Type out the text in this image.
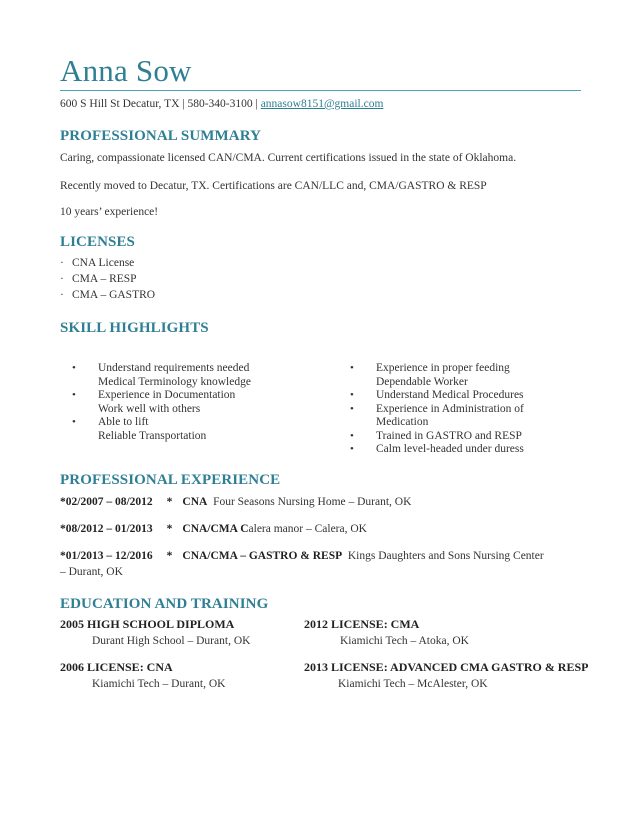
Anna Sow
600 S Hill St Decatur, TX | 580-340-3100 | annasow8151@gmail.com
PROFESSIONAL SUMMARY
Caring, compassionate licensed CAN/CMA. Current certifications issued in the state of Oklahoma.
Recently moved to Decatur, TX. Certifications are CAN/LLC and, CMA/GASTRO & RESP
10 years’ experience!
LICENSES
· CNA License
· CMA – RESP
· CMA – GASTRO
SKILL HIGHLIGHTS
• Understand requirements needed
Medical Terminology knowledge
• Experience in Documentation
Work well with others
• Able to lift
Reliable Transportation
• Experience in proper feeding
Dependable Worker
• Understand Medical Procedures
• Experience in Administration of
Medication
• Trained in GASTRO and RESP
• Calm level-headed under duress
PROFESSIONAL EXPERIENCE
*02/2007 – 08/2012 * CNA Four Seasons Nursing Home – Durant, OK
*08/2012 – 01/2013 * CNA/CMA Calera manor – Calera, OK
*01/2013 – 12/2016 * CNA/CMA – GASTRO & RESP Kings Daughters and Sons Nursing Center
– Durant, OK
EDUCATION AND TRAINING
2005 HIGH SCHOOL DIPLOMA
Durant High School – Durant, OK
2012 LICENSE: CMA
Kiamichi Tech – Atoka, OK
2006 LICENSE: CNA
Kiamichi Tech – Durant, OK
2013 LICENSE: ADVANCED CMA GASTRO & RESP
Kiamichi Tech – McAlester, OK
